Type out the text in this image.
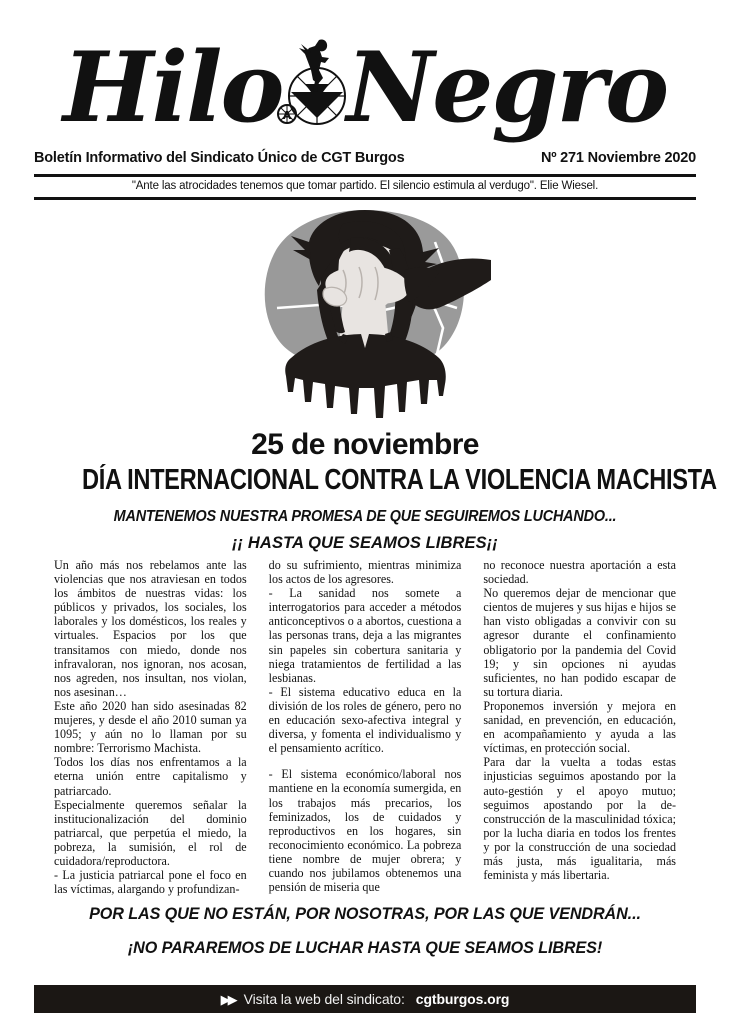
Hilo A Negro
Boletín Informativo del Sindicato Único de CGT Burgos	Nº 271 Noviembre 2020
"Ante las atrocidades tenemos que tomar partido. El silencio estimula al verdugo". Elie Wiesel.
25 de noviembre
DÍA INTERNACIONAL CONTRA LA VIOLENCIA MACHISTA
MANTENEMOS NUESTRA PROMESA DE QUE SEGUIREMOS LUCHANDO...
¡¡ HASTA QUE SEAMOS LIBRES¡¡

Un año más nos rebelamos ante las violencias que nos atraviesan en todos los ámbitos de nuestras vidas: los públicos y privados, los sociales, los laborales y los domésticos, los reales y virtuales. Espacios por los que transitamos con miedo, donde nos infravaloran, nos ignoran, nos acosan, nos agreden, nos insultan, nos violan, nos asesinan…

Este año 2020 han sido asesinadas 82 mujeres, y desde el año 2010 suman ya 1095; y aún no lo llaman por su nombre: Terrorismo Machista.

Todos los días nos enfrentamos a la eterna unión entre capitalismo y patriarcado.

Especialmente queremos señalar la institucionalización del dominio patriarcal, que perpetúa el miedo, la pobreza, la sumisión, el rol de cuidadora/reproductora.

- La justicia patriarcal pone el foco en las víctimas, alargando y profundizan-

do su sufrimiento, mientras minimiza los actos de los agresores.

- La sanidad nos somete a interrogatorios para acceder a métodos anticonceptivos o a abortos, cuestiona a las personas trans, deja a las migrantes sin papeles sin cobertura sanitaria y niega tratamientos de fertilidad a las lesbianas.

- El sistema educativo educa en la división de los roles de género, pero no en educación sexo-afectiva integral y diversa, y fomenta el individualismo y el pensamiento acrítico.

- El sistema económico/laboral nos mantiene en la economía sumergida, en los trabajos más precarios, los feminizados, los de cuidados y reproductivos en los hogares, sin reconocimiento económico. La pobreza tiene nombre de mujer obrera; y cuando nos jubilamos obtenemos una pensión de miseria que

no reconoce nuestra aportación a esta sociedad.

No queremos dejar de mencionar que cientos de mujeres y sus hijas e hijos se han visto obligadas a convivir con su agresor durante el confinamiento obligatorio por la pandemia del Covid 19; y sin opciones ni ayudas suficientes, no han podido escapar de su tortura diaria.

Proponemos inversión y mejora en sanidad, en prevención, en educación, en acompañamiento y ayuda a las víctimas, en protección social.

Para dar la vuelta a todas estas injusticias seguimos apostando por la auto-gestión y el apoyo mutuo; seguimos apostando por la de-construcción de la masculinidad tóxica; por la lucha diaria en todos los frentes y por la construcción de una sociedad más justa, más igualitaria, más feminista y más libertaria.

POR LAS QUE NO ESTÁN, POR NOSOTRAS, POR LAS QUE VENDRÁN...
¡NO PARAREMOS DE LUCHAR HASTA QUE SEAMOS LIBRES!
▶▶ Visita la web del sindicato: cgtburgos.org
